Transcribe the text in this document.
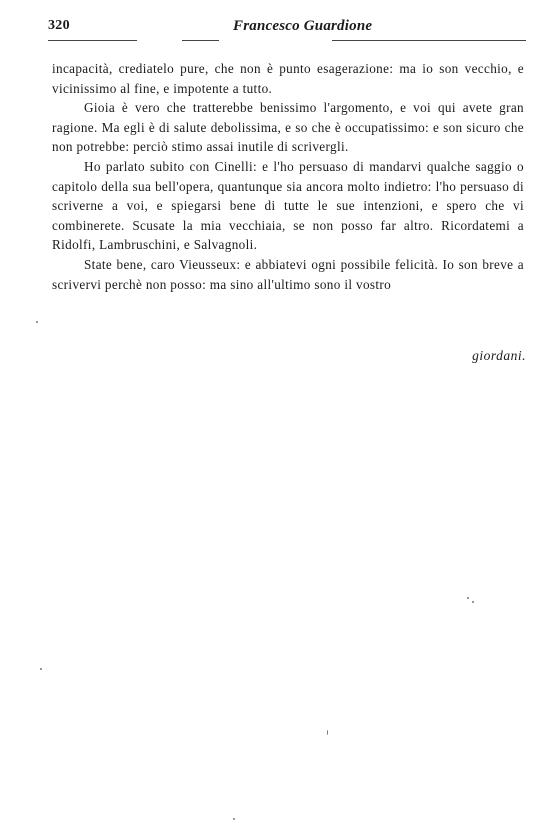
320	Francesco Guardione

incapacità, crediatelo pure, che non è punto esagerazione: ma io son vecchio, e vicinissimo al fine, e impotente a tutto.

Gioia è vero che tratterebbe benissimo l'argomento, e voi qui avete gran ragione. Ma egli è di salute debolissima, e so che è occupatissimo: e son sicuro che non potrebbe: perciò stimo assai inutile di scrivergli.

Ho parlato subito con Cinelli: e l'ho persuaso di mandarvi qualche saggio o capitolo della sua bell'opera, quantunque sia ancora molto indietro: l'ho persuaso di scriverne a voi, e spiegarsi bene di tutte le sue intenzioni, e spero che vi combinerete. Scusate la mia vecchiaia, se non posso far altro. Ricordatemi a Ridolfi, Lambruschini, e Salvagnoli.

State bene, caro Vieusseux: e abbiatevi ogni possibile felicità. Io son breve a scrivervi perchè non posso: ma sino all'ultimo sono il vostro

giordani.
